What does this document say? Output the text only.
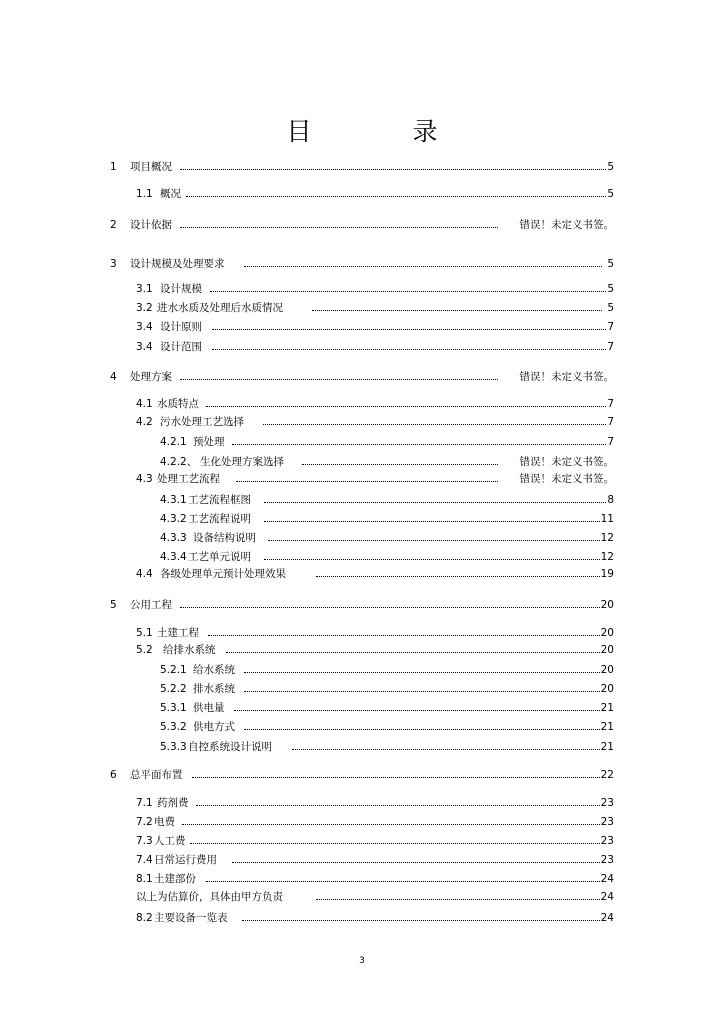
目　录
1 项目概况	5
1.1 概况	5
2 设计依据	错误！未定义书签。
3 设计规模及处理要求	5
3.1 设计规模	5
3.2 进水水质及处理后水质情况	5
3.4 设计原则	7
3.4 设计范围	7
4 处理方案	错误！未定义书签。
4.1 水质特点	7
4.2 污水处理工艺选择	7
4.2.1 预处理	7
4.2.2、 生化处理方案选择	错误！未定义书签。
4.3 处理工艺流程	错误！未定义书签。
4.3.1 工艺流程框图	8
4.3.2 工艺流程说明	11
4.3.3 设备结构说明	12
4.3.4 工艺单元说明	12
4.4 各级处理单元预计处理效果	19
5 公用工程	20
5.1 土建工程	20
5.2 给排水系统	20
5.2.1 给水系统	20
5.2.2 排水系统	20
5.3.1 供电量	21
5.3.2 供电方式	21
5.3.3 自控系统设计说明	21
6 总平面布置	22
7.1 药剂费	23
7.2 电费	23
7.3 人工费	23
7.4 日常运行费用	23
8.1 土建部份	24
以上为估算价，具体由甲方负责	24
8.2 主要设备一览表	24
3
